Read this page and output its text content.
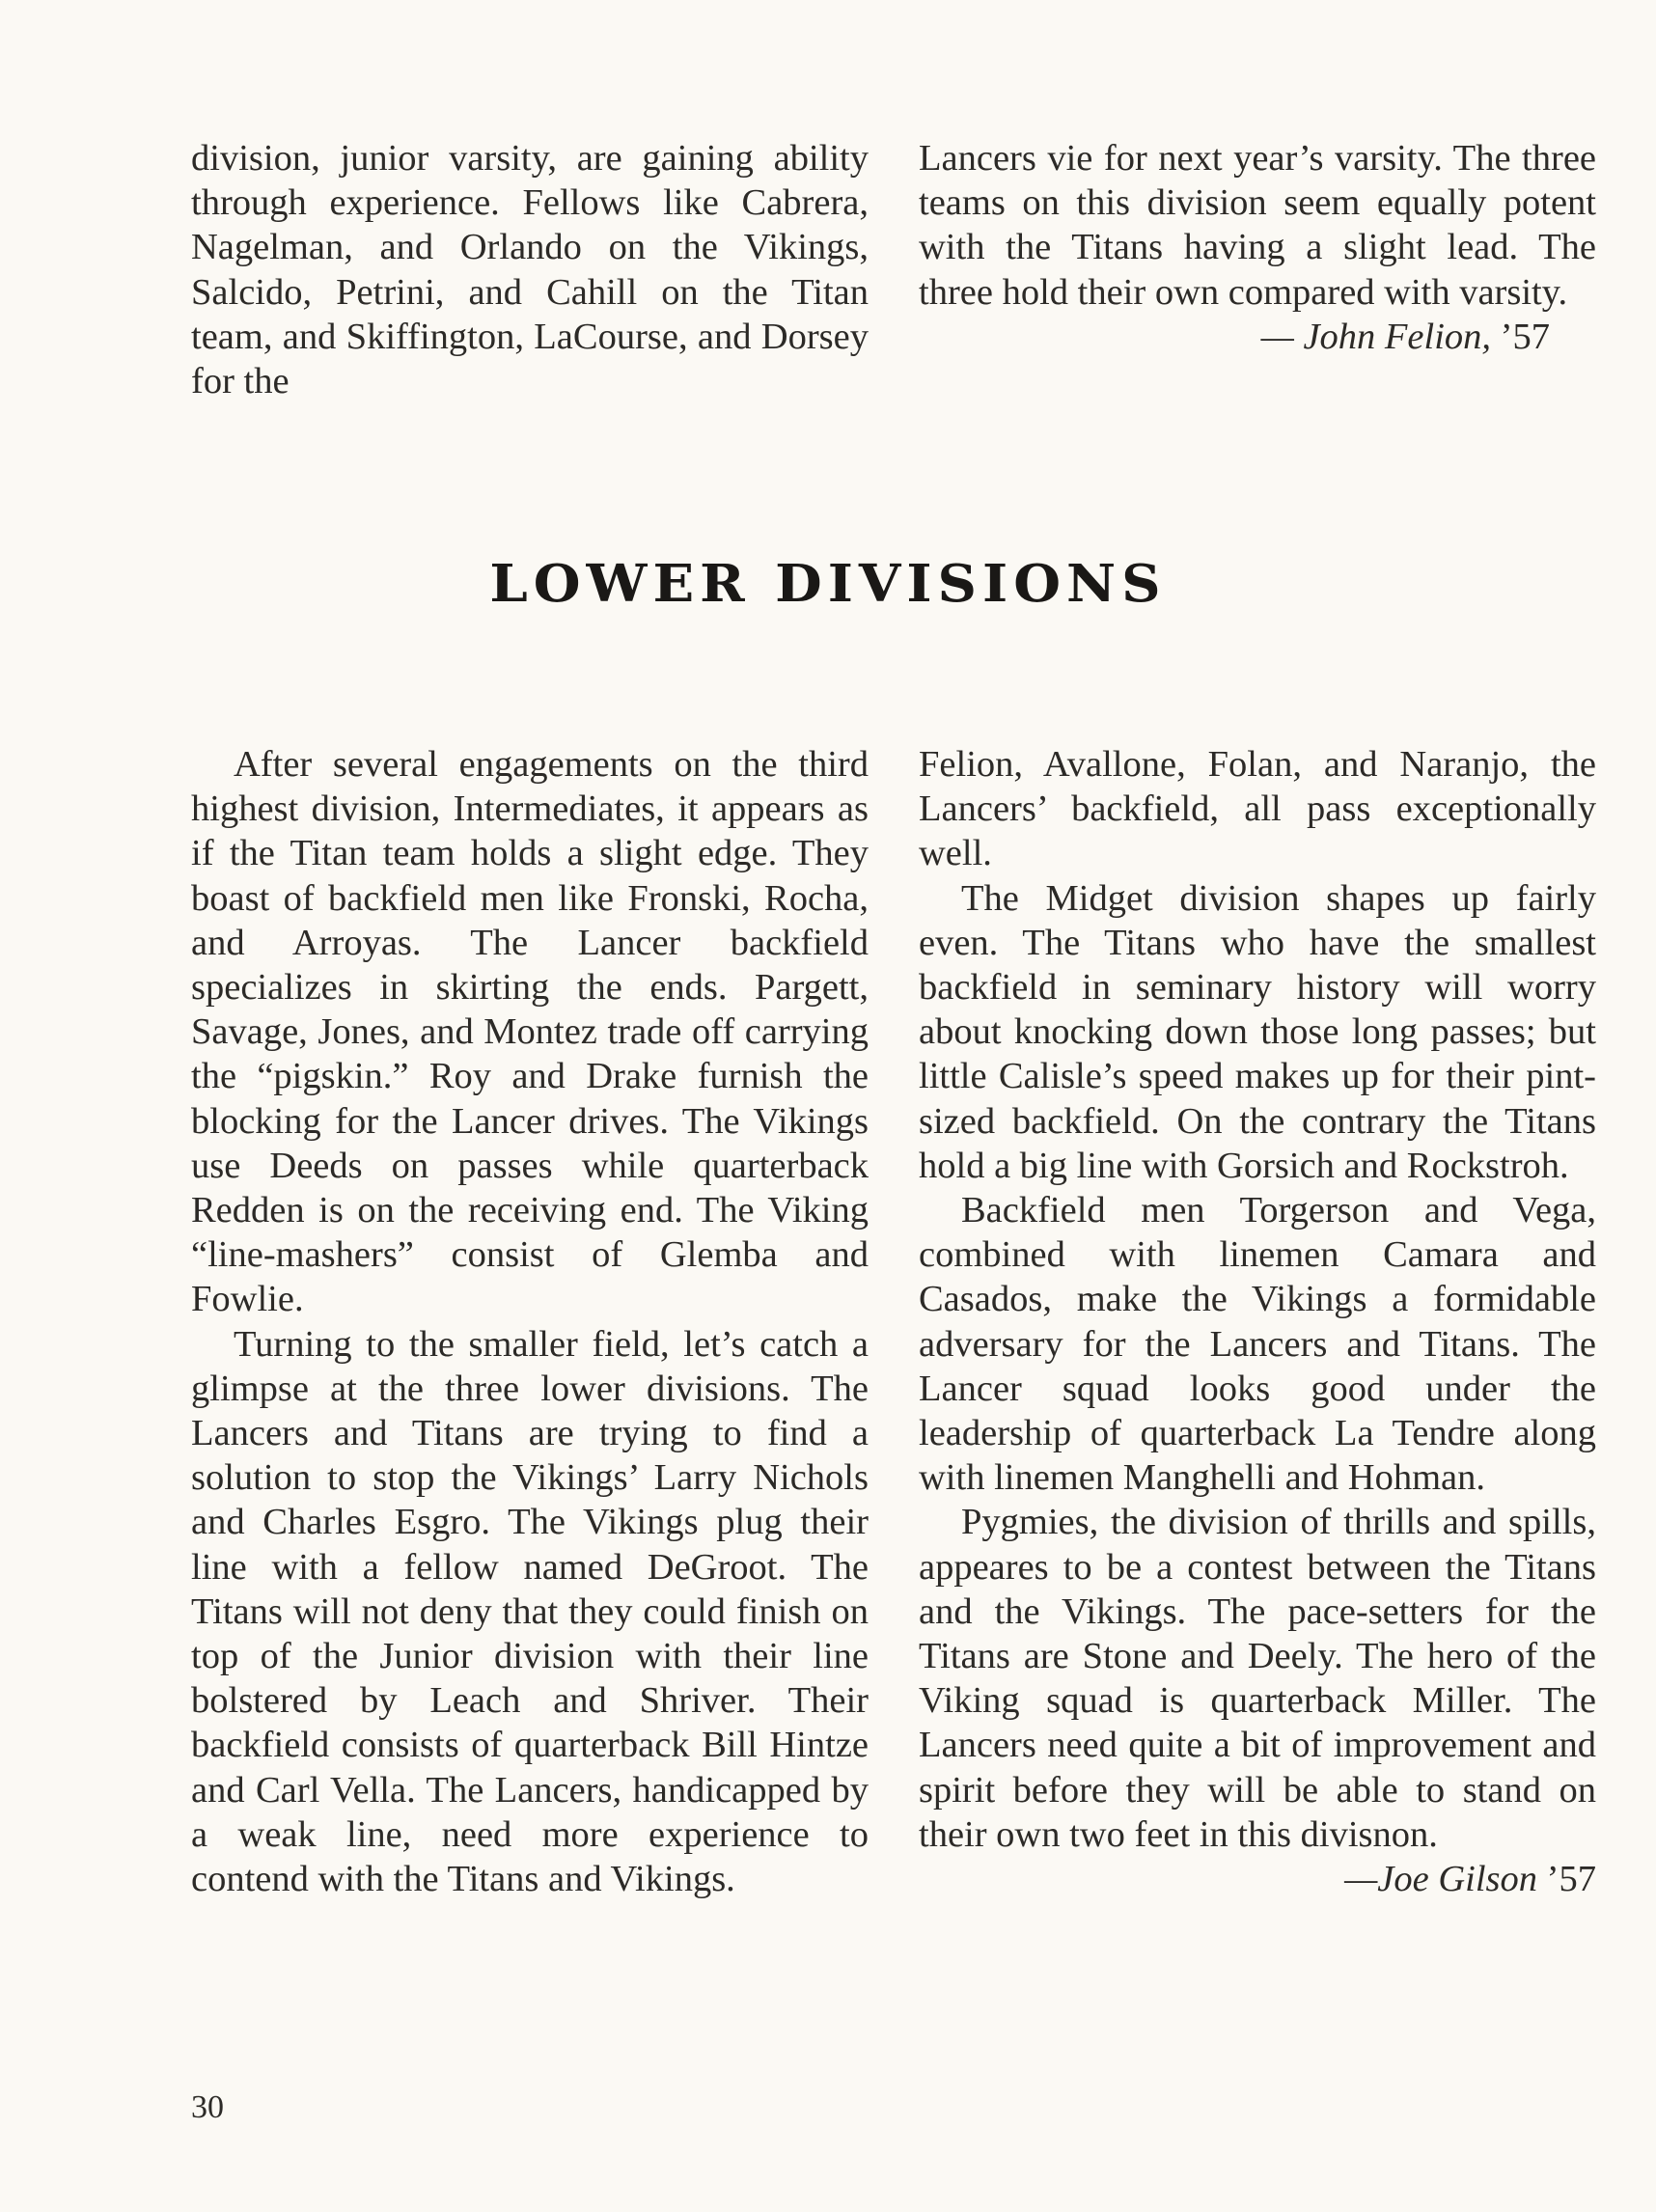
division, junior varsity, are gaining ability through experience. Fellows like Cabrera, Nagelman, and Orlando on the Vikings, Salcido, Petrini, and Cahill on the Titan team, and Skiffington, LaCourse, and Dorsey for the

Lancers vie for next year’s varsity. The three teams on this division seem equally potent with the Titans having a slight lead. The three hold their own compared with varsity.

— John Felion, ’57

LOWER DIVISIONS

After several engagements on the third highest division, Intermediates, it appears as if the Titan team holds a slight edge. They boast of backfield men like Fronski, Rocha, and Arroyas. The Lancer backfield specializes in skirting the ends. Pargett, Savage, Jones, and Montez trade off carrying the “pigskin.” Roy and Drake furnish the blocking for the Lancer drives. The Vikings use Deeds on passes while quarterback Redden is on the receiving end. The Viking “line-mashers” consist of Glemba and Fowlie.

Turning to the smaller field, let’s catch a glimpse at the three lower divisions. The Lancers and Titans are trying to find a solution to stop the Vikings’ Larry Nichols and Charles Esgro. The Vikings plug their line with a fellow named DeGroot. The Titans will not deny that they could finish on top of the Junior division with their line bolstered by Leach and Shriver. Their backfield consists of quarterback Bill Hintze and Carl Vella. The Lancers, handicapped by a weak line, need more experience to contend with the Titans and Vikings.

Felion, Avallone, Folan, and Naranjo, the Lancers’ backfield, all pass exceptionally well.

The Midget division shapes up fairly even. The Titans who have the smallest backfield in seminary history will worry about knocking down those long passes; but little Calisle’s speed makes up for their pint-sized backfield. On the contrary the Titans hold a big line with Gorsich and Rockstroh.

Backfield men Torgerson and Vega, combined with linemen Camara and Casados, make the Vikings a formidable adversary for the Lancers and Titans. The Lancer squad looks good under the leadership of quarterback La Tendre along with linemen Manghelli and Hohman.

Pygmies, the division of thrills and spills, appeares to be a contest between the Titans and the Vikings. The pace-setters for the Titans are Stone and Deely. The hero of the Viking squad is quarterback Miller. The Lancers need quite a bit of improvement and spirit before they will be able to stand on their own two feet in this divisnon.

—Joe Gilson ’57

30
